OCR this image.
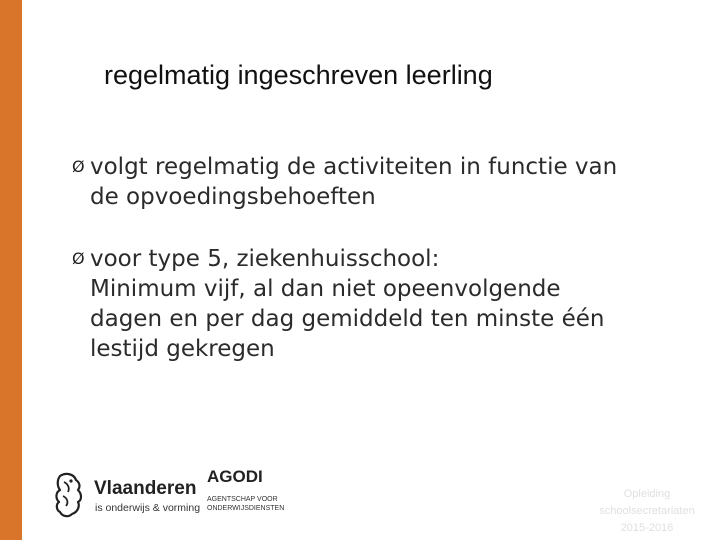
regelmatig ingeschreven leerling
Ø volgt regelmatig de activiteiten in functie van
de opvoedingsbehoeften
Ø voor type 5, ziekenhuisschool:
Minimum vijf, al dan niet opeenvolgende
dagen en per dag gemiddeld ten minste één
lestijd gekregen
Vlaanderen
is onderwijs & vorming
AGODI
AGENTSCHAP VOOR
ONDERWIJSDIENSTEN
Opleiding
schoolsecretariaten
2015-2016
